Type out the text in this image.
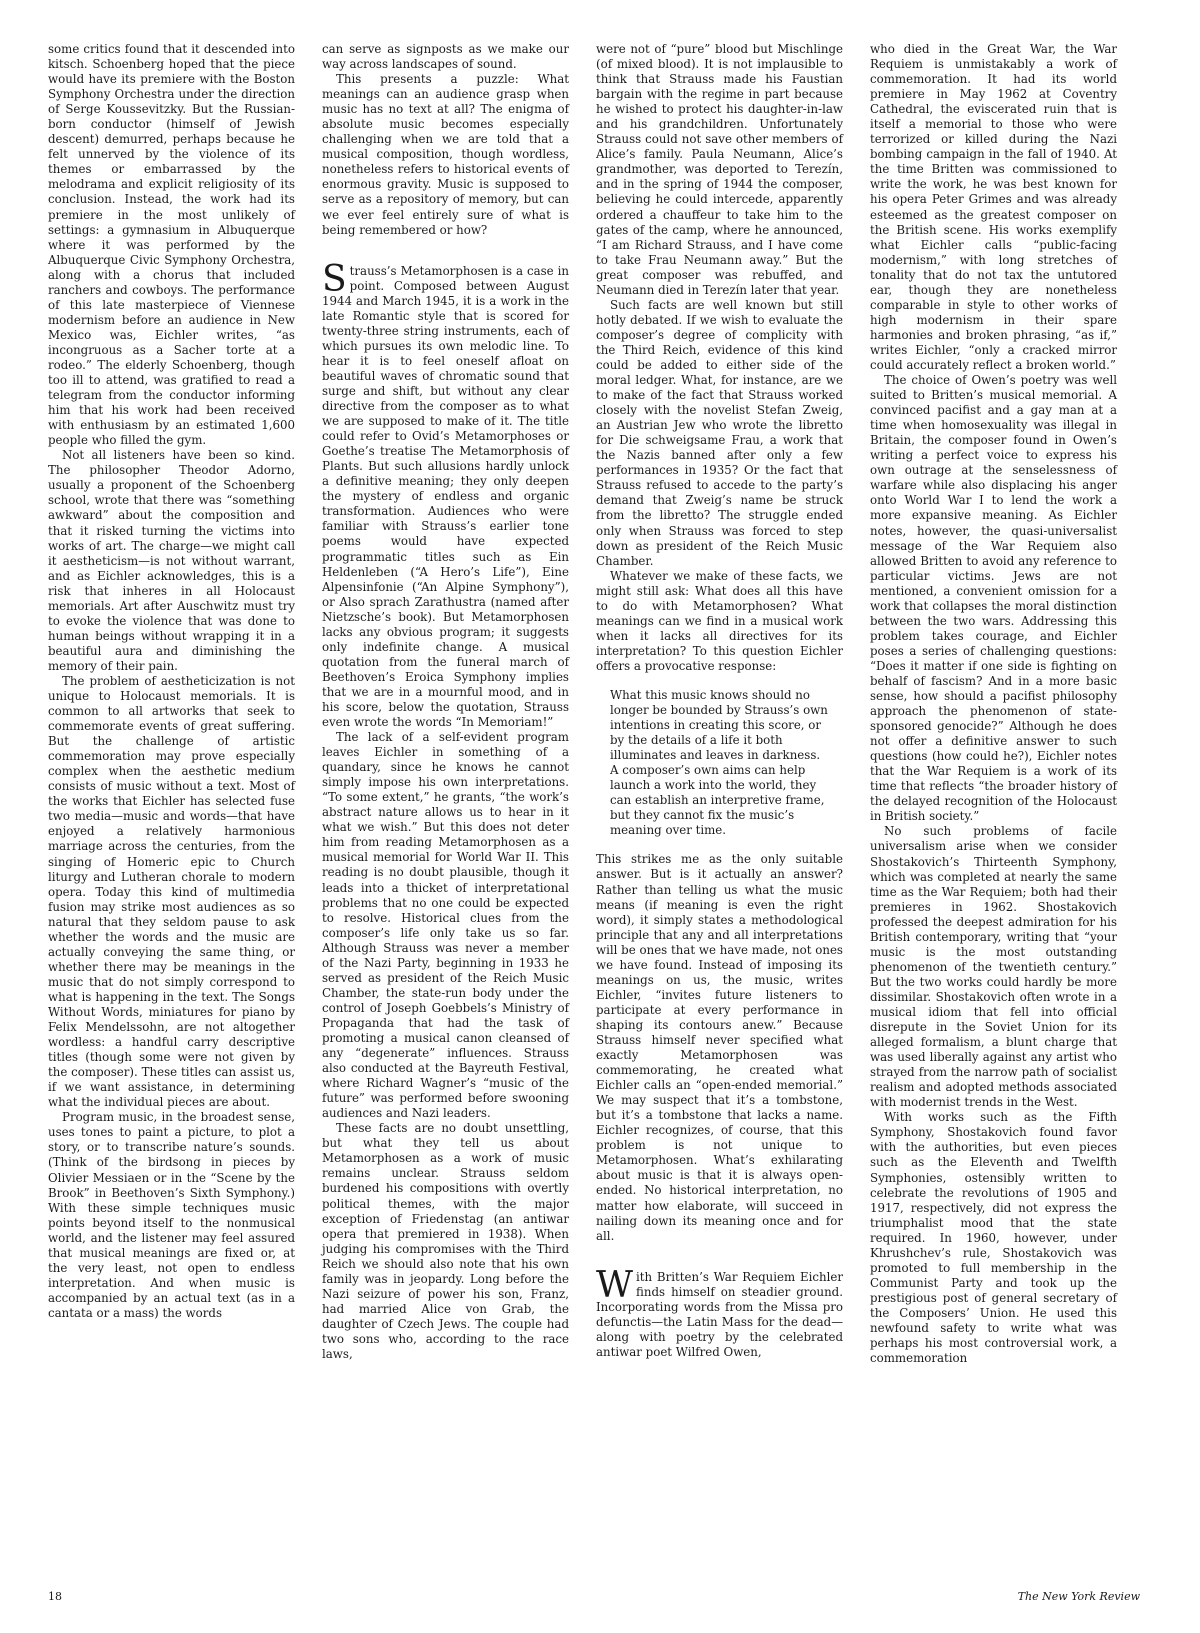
some critics found that it descended into kitsch. Schoenberg hoped that the piece would have its premiere with the Boston Symphony Orchestra under the direction of Serge Koussevitzky. But the Russian-born conductor (himself of Jewish descent) demurred, perhaps because he felt unnerved by the violence of its themes or embarrassed by the melodrama and explicit religiosity of its conclusion. Instead, the work had its premiere in the most unlikely of settings: a gymnasium in Albuquerque where it was performed by the Albuquerque Civic Symphony Orchestra, along with a chorus that included ranchers and cowboys. The performance of this late masterpiece of Viennese modernism before an audience in New Mexico was, Eichler writes, “as incongruous as a Sacher torte at a rodeo.” The elderly Schoenberg, though too ill to attend, was gratified to read a telegram from the conductor informing him that his work had been received with enthusiasm by an estimated 1,600 people who filled the gym.

Not all listeners have been so kind. The philosopher Theodor Adorno, usually a proponent of the Schoenberg school, wrote that there was “something awkward” about the composition and that it risked turning the victims into works of art. The charge—we might call it aestheticism—is not without warrant, and as Eichler acknowledges, this is a risk that inheres in all Holocaust memorials. Art after Auschwitz must try to evoke the violence that was done to human beings without wrapping it in a beautiful aura and diminishing the memory of their pain.

The problem of aestheticization is not unique to Holocaust memorials. It is common to all artworks that seek to commemorate events of great suffering. But the challenge of artistic commemoration may prove especially complex when the aesthetic medium consists of music without a text. Most of the works that Eichler has selected fuse two media—music and words—that have enjoyed a relatively harmonious marriage across the centuries, from the singing of Homeric epic to Church liturgy and Lutheran chorale to modern opera. Today this kind of multimedia fusion may strike most audiences as so natural that they seldom pause to ask whether the words and the music are actually conveying the same thing, or whether there may be meanings in the music that do not simply correspond to what is happening in the text. The Songs Without Words, miniatures for piano by Felix Mendelssohn, are not altogether wordless: a handful carry descriptive titles (though some were not given by the composer). These titles can assist us, if we want assistance, in determining what the individual pieces are about.

Program music, in the broadest sense, uses tones to paint a picture, to plot a story, or to transcribe nature’s sounds. (Think of the birdsong in pieces by Olivier Messiaen or in the “Scene by the Brook” in Beethoven’s Sixth Symphony.) With these simple techniques music points beyond itself to the nonmusical world, and the listener may feel assured that musical meanings are fixed or, at the very least, not open to endless interpretation. And when music is accompanied by an actual text (as in a cantata or a mass) the words

can serve as signposts as we make our way across landscapes of sound.

This presents a puzzle: What meanings can an audience grasp when music has no text at all? The enigma of absolute music becomes especially challenging when we are told that a musical composition, though wordless, nonetheless refers to historical events of enormous gravity. Music is supposed to serve as a repository of memory, but can we ever feel entirely sure of what is being remembered or how?

Strauss’s Metamorphosen is a case in point. Composed between August 1944 and March 1945, it is a work in the late Romantic style that is scored for twenty-three string instruments, each of which pursues its own melodic line. To hear it is to feel oneself afloat on beautiful waves of chromatic sound that surge and shift, but without any clear directive from the composer as to what we are supposed to make of it. The title could refer to Ovid’s Metamorphoses or Goethe’s treatise The Metamorphosis of Plants. But such allusions hardly unlock a definitive meaning; they only deepen the mystery of endless and organic transformation. Audiences who were familiar with Strauss’s earlier tone poems would have expected programmatic titles such as Ein Heldenleben (“A Hero’s Life”), Eine Alpensinfonie (“An Alpine Symphony”), or Also sprach Zarathustra (named after Nietzsche’s book). But Metamorphosen lacks any obvious program; it suggests only indefinite change. A musical quotation from the funeral march of Beethoven’s Eroica Symphony implies that we are in a mournful mood, and in his score, below the quotation, Strauss even wrote the words “In Memoriam!”

The lack of a self-evident program leaves Eichler in something of a quandary, since he knows he cannot simply impose his own interpretations. “To some extent,” he grants, “the work’s abstract nature allows us to hear in it what we wish.” But this does not deter him from reading Metamorphosen as a musical memorial for World War II. This reading is no doubt plausible, though it leads into a thicket of interpretational problems that no one could be expected to resolve. Historical clues from the composer’s life only take us so far. Although Strauss was never a member of the Nazi Party, beginning in 1933 he served as president of the Reich Music Chamber, the state-run body under the control of Joseph Goebbels’s Ministry of Propaganda that had the task of promoting a musical canon cleansed of any “degenerate” influences. Strauss also conducted at the Bayreuth Festival, where Richard Wagner’s “music of the future” was performed before swooning audiences and Nazi leaders.

These facts are no doubt unsettling, but what they tell us about Metamorphosen as a work of music remains unclear. Strauss seldom burdened his compositions with overtly political themes, with the major exception of Friedenstag (an antiwar opera that premiered in 1938). When judging his compromises with the Third Reich we should also note that his own family was in jeopardy. Long before the Nazi seizure of power his son, Franz, had married Alice von Grab, the daughter of Czech Jews. The couple had two sons who, according to the race laws,

were not of “pure” blood but Mischlinge (of mixed blood). It is not implausible to think that Strauss made his Faustian bargain with the regime in part because he wished to protect his daughter-in-law and his grandchildren. Unfortunately Strauss could not save other members of Alice’s family. Paula Neumann, Alice’s grandmother, was deported to Terezín, and in the spring of 1944 the composer, believing he could intercede, apparently ordered a chauffeur to take him to the gates of the camp, where he announced, “I am Richard Strauss, and I have come to take Frau Neumann away.” But the great composer was rebuffed, and Neumann died in Terezín later that year.

Such facts are well known but still hotly debated. If we wish to evaluate the composer’s degree of complicity with the Third Reich, evidence of this kind could be added to either side of the moral ledger. What, for instance, are we to make of the fact that Strauss worked closely with the novelist Stefan Zweig, an Austrian Jew who wrote the libretto for Die schweigsame Frau, a work that the Nazis banned after only a few performances in 1935? Or the fact that Strauss refused to accede to the party’s demand that Zweig’s name be struck from the libretto? The struggle ended only when Strauss was forced to step down as president of the Reich Music Chamber.

Whatever we make of these facts, we might still ask: What does all this have to do with Metamorphosen? What meanings can we find in a musical work when it lacks all directives for its interpretation? To this question Eichler offers a provocative response:

What this music knows should no longer be bounded by Strauss’s own intentions in creating this score, or by the details of a life it both illuminates and leaves in darkness. A composer’s own aims can help launch a work into the world, they can establish an interpretive frame, but they cannot fix the music’s meaning over time.

This strikes me as the only suitable answer. But is it actually an answer? Rather than telling us what the music means (if meaning is even the right word), it simply states a methodological principle that any and all interpretations will be ones that we have made, not ones we have found. Instead of imposing its meanings on us, the music, writes Eichler, “invites future listeners to participate at every performance in shaping its contours anew.” Because Strauss himself never specified what exactly Metamorphosen was commemorating, he created what Eichler calls an “open-ended memorial.” We may suspect that it’s a tombstone, but it’s a tombstone that lacks a name. Eichler recognizes, of course, that this problem is not unique to Metamorphosen. What’s exhilarating about music is that it is always open-ended. No historical interpretation, no matter how elaborate, will succeed in nailing down its meaning once and for all.

With Britten’s War Requiem Eichler finds himself on steadier ground. Incorporating words from the Missa pro defunctis—the Latin Mass for the dead—along with poetry by the celebrated antiwar poet Wilfred Owen,

who died in the Great War, the War Requiem is unmistakably a work of commemoration. It had its world premiere in May 1962 at Coventry Cathedral, the eviscerated ruin that is itself a memorial to those who were terrorized or killed during the Nazi bombing campaign in the fall of 1940. At the time Britten was commissioned to write the work, he was best known for his opera Peter Grimes and was already esteemed as the greatest composer on the British scene. His works exemplify what Eichler calls “public-facing modernism,” with long stretches of tonality that do not tax the untutored ear, though they are nonetheless comparable in style to other works of high modernism in their spare harmonies and broken phrasing, “as if,” writes Eichler, “only a cracked mirror could accurately reflect a broken world.”

The choice of Owen’s poetry was well suited to Britten’s musical memorial. A convinced pacifist and a gay man at a time when homosexuality was illegal in Britain, the composer found in Owen’s writing a perfect voice to express his own outrage at the senselessness of warfare while also displacing his anger onto World War I to lend the work a more expansive meaning. As Eichler notes, however, the quasi-universalist message of the War Requiem also allowed Britten to avoid any reference to particular victims. Jews are not mentioned, a convenient omission for a work that collapses the moral distinction between the two wars. Addressing this problem takes courage, and Eichler poses a series of challenging questions: “Does it matter if one side is fighting on behalf of fascism? And in a more basic sense, how should a pacifist philosophy approach the phenomenon of state-sponsored genocide?” Although he does not offer a definitive answer to such questions (how could he?), Eichler notes that the War Requiem is a work of its time that reflects “the broader history of the delayed recognition of the Holocaust in British society.”

No such problems of facile universalism arise when we consider Shostakovich’s Thirteenth Symphony, which was completed at nearly the same time as the War Requiem; both had their premieres in 1962. Shostakovich professed the deepest admiration for his British contemporary, writing that “your music is the most outstanding phenomenon of the twentieth century.” But the two works could hardly be more dissimilar. Shostakovich often wrote in a musical idiom that fell into official disrepute in the Soviet Union for its alleged formalism, a blunt charge that was used liberally against any artist who strayed from the narrow path of socialist realism and adopted methods associated with modernist trends in the West.

With works such as the Fifth Symphony, Shostakovich found favor with the authorities, but even pieces such as the Eleventh and Twelfth Symphonies, ostensibly written to celebrate the revolutions of 1905 and 1917, respectively, did not express the triumphalist mood that the state required. In 1960, however, under Khrushchev’s rule, Shostakovich was promoted to full membership in the Communist Party and took up the prestigious post of general secretary of the Composers’ Union. He used this newfound safety to write what was perhaps his most controversial work, a commemoration

18	The New York Review
